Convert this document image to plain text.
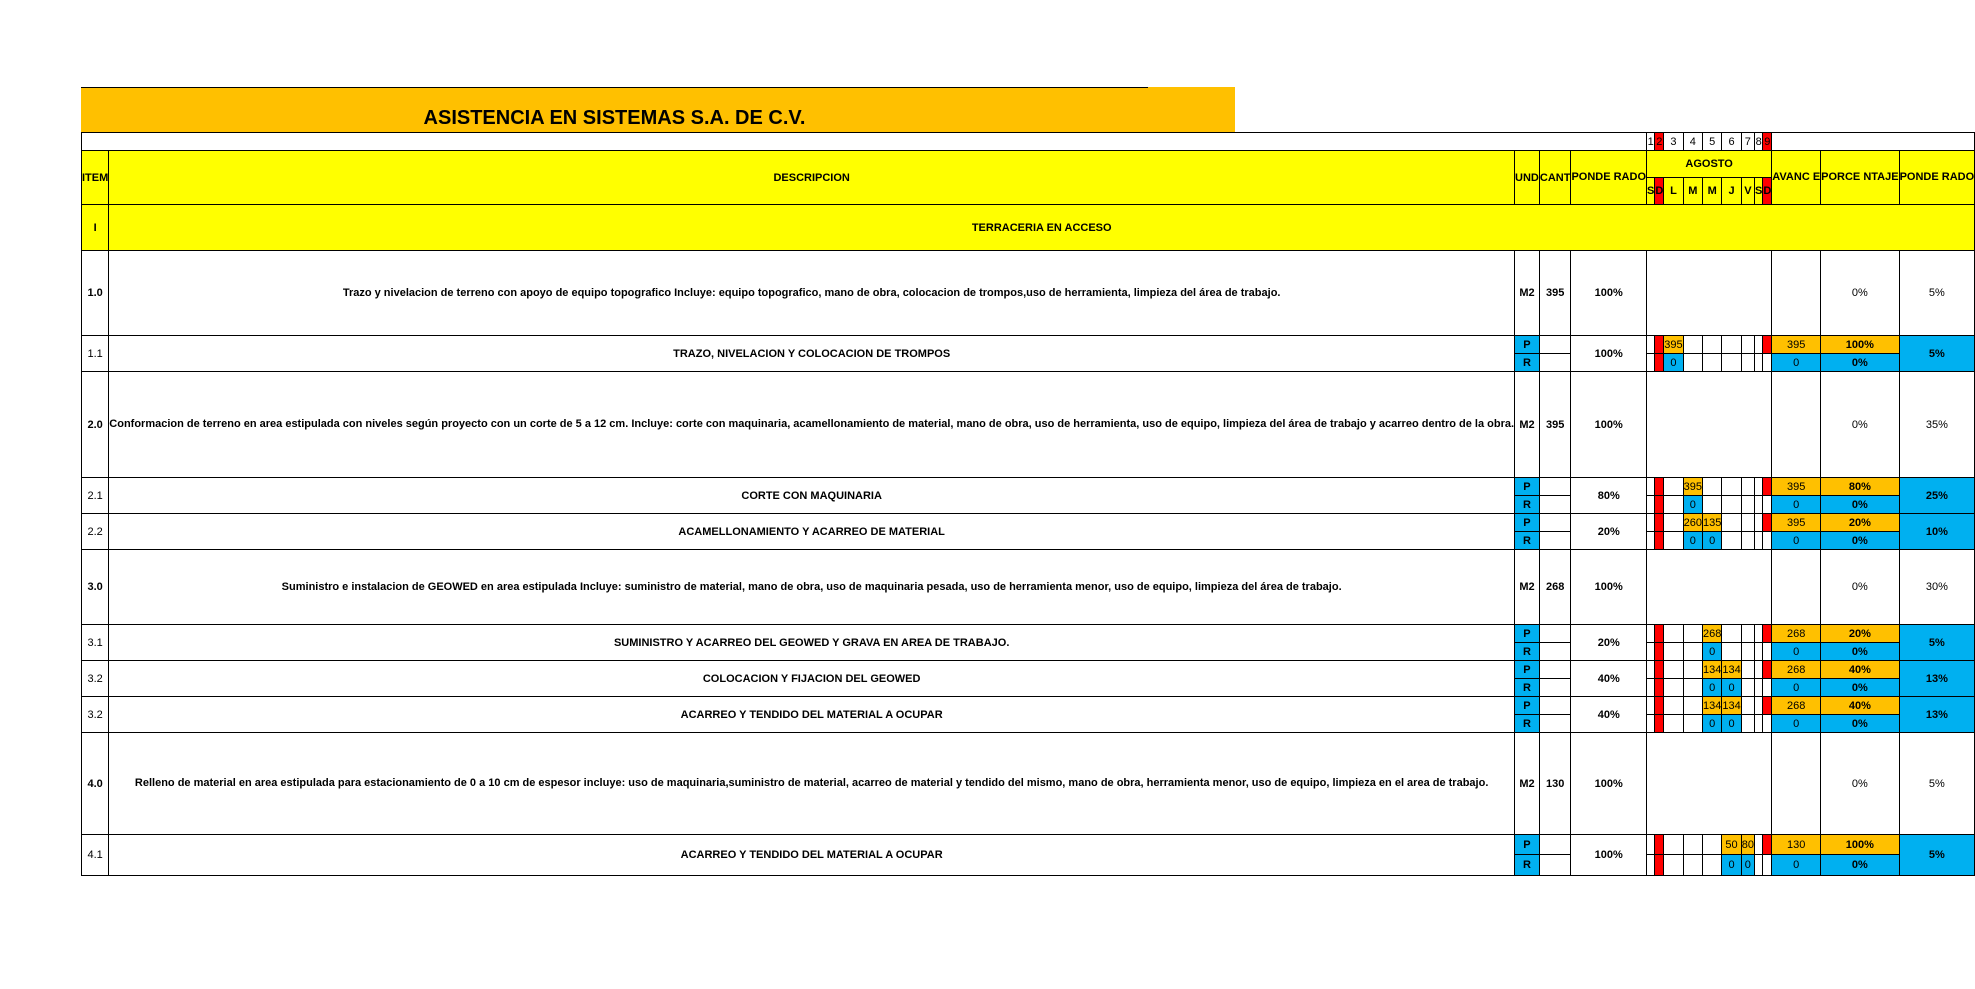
ASISTENCIA EN SISTEMAS S.A. DE C.V.
					1	2	3	4	5	6	7	8	9			
ITEM	DESCRIPCION	UND	CANT	PONDE RADO	AGOSTO									AVANC E	PORCE NTAJE	PONDE RADO
					S	D	L	M	M	J	V	S	D			
I	TERRACERIA EN ACCESO															
1.0	Trazo y nivelacion de terreno con apoyo de equipo topografico Incluye: equipo topografico, mano de obra, colocacion de trompos,uso de herramienta, limpieza del área de trabajo.	M2	395	100%											0%	5%
1.1	TRAZO, NIVELACION Y COLOCACION DE TROMPOS	P		100%			395							395	100%	5%
		R					0							0	0%	
2.0	Conformacion de terreno en area estipulada con niveles según proyecto con un corte de 5 a 12 cm. Incluye: corte con maquinaria, acamellonamiento de material, mano de obra, uso de herramienta, uso de equipo, limpieza del área de trabajo y acarreo dentro de la obra.	M2	395	100%											0%	35%
2.1	CORTE CON MAQUINARIA	P		80%				395						395	80%	25%
		R						0						0	0%	
2.2	ACAMELLONAMIENTO Y ACARREO DE MATERIAL	P		20%				260	135					395	20%	10%
		R						0	0					0	0%	
3.0	Suministro e instalacion de GEOWED en area estipulada Incluye: suministro de material, mano de obra, uso de maquinaria pesada, uso de herramienta menor, uso de equipo, limpieza del área de trabajo.	M2	268	100%											0%	30%
3.1	SUMINISTRO Y ACARREO DEL GEOWED Y GRAVA EN AREA DE TRABAJO.	P		20%					268					268	20%	5%
		R							0					0	0%	
3.2	COLOCACION Y FIJACION DEL GEOWED	P		40%					134	134				268	40%	13%
		R							0	0				0	0%	
3.2	ACARREO Y TENDIDO DEL MATERIAL A OCUPAR	P		40%					134	134				268	40%	13%
		R							0	0				0	0%	
4.0	Relleno de material en area estipulada para estacionamiento de 0 a 10 cm de espesor incluye: uso de maquinaria,suministro de material, acarreo de material y tendido del mismo, mano de obra, herramienta menor, uso de equipo, limpieza en el area de trabajo.	M2	130	100%											0%	5%
4.1	ACARREO Y TENDIDO DEL MATERIAL A OCUPAR	P		100%						50	80			130	100%	5%
		R								0	0			0	0%	
